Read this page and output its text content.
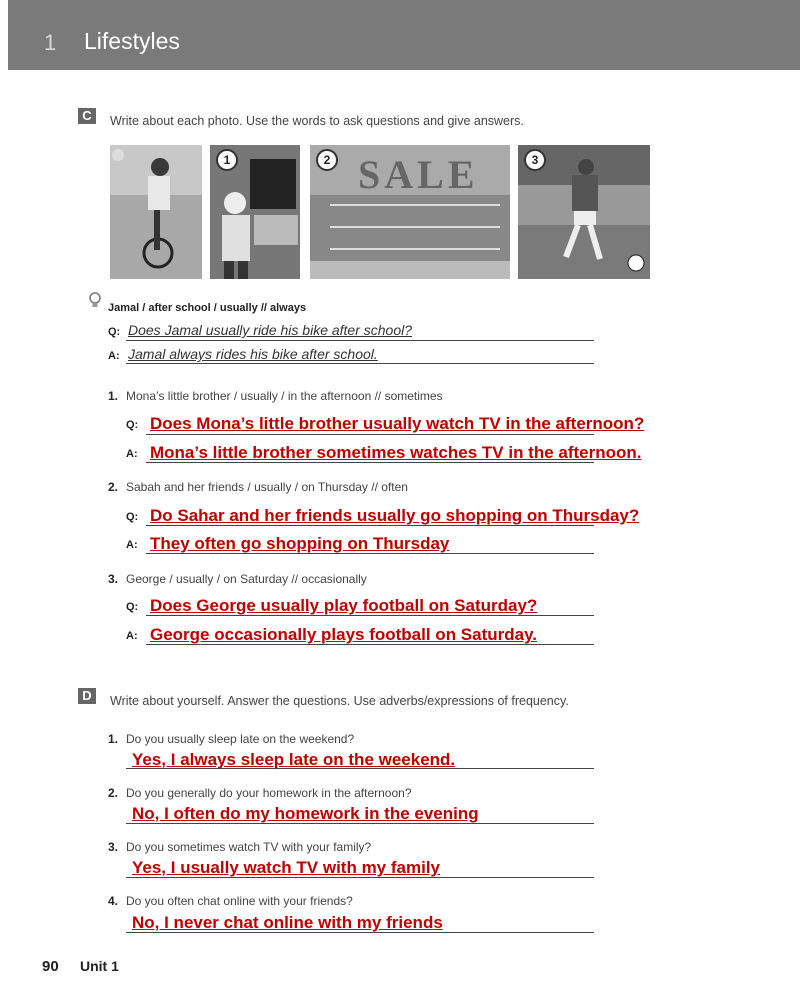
1 Lifestyles
C	Write about each photo. Use the words to ask questions and give answers.
1	SALE
2	3
Jamal / after school / usually // always
Q: Does Jamal usually ride his bike after school?
A: Jamal always rides his bike after school.
1. Mona’s little brother / usually / in the afternoon // sometimes
Q: Does Mona’s little brother usually watch TV in the afternoon?
A: Mona’s little brother sometimes watches TV in the afternoon.
2. Sabah and her friends / usually / on Thursday // often
Q: Do Sahar and her friends usually go shopping on Thursday?
A: They often go shopping on Thursday
3. George / usually / on Saturday // occasionally
Q: Does George usually play football on Saturday?
A: George occasionally plays football on Saturday.
D	Write about yourself. Answer the questions. Use adverbs/expressions of frequency.
1. Do you usually sleep late on the weekend?
Yes, I always sleep late on the weekend.
2. Do you generally do your homework in the afternoon?
No, I often do my homework in the evening
3. Do you sometimes watch TV with your family?
Yes, I usually watch TV with my family
4. Do you often chat online with your friends?
No, I never chat online with my friends
90 Unit 1
